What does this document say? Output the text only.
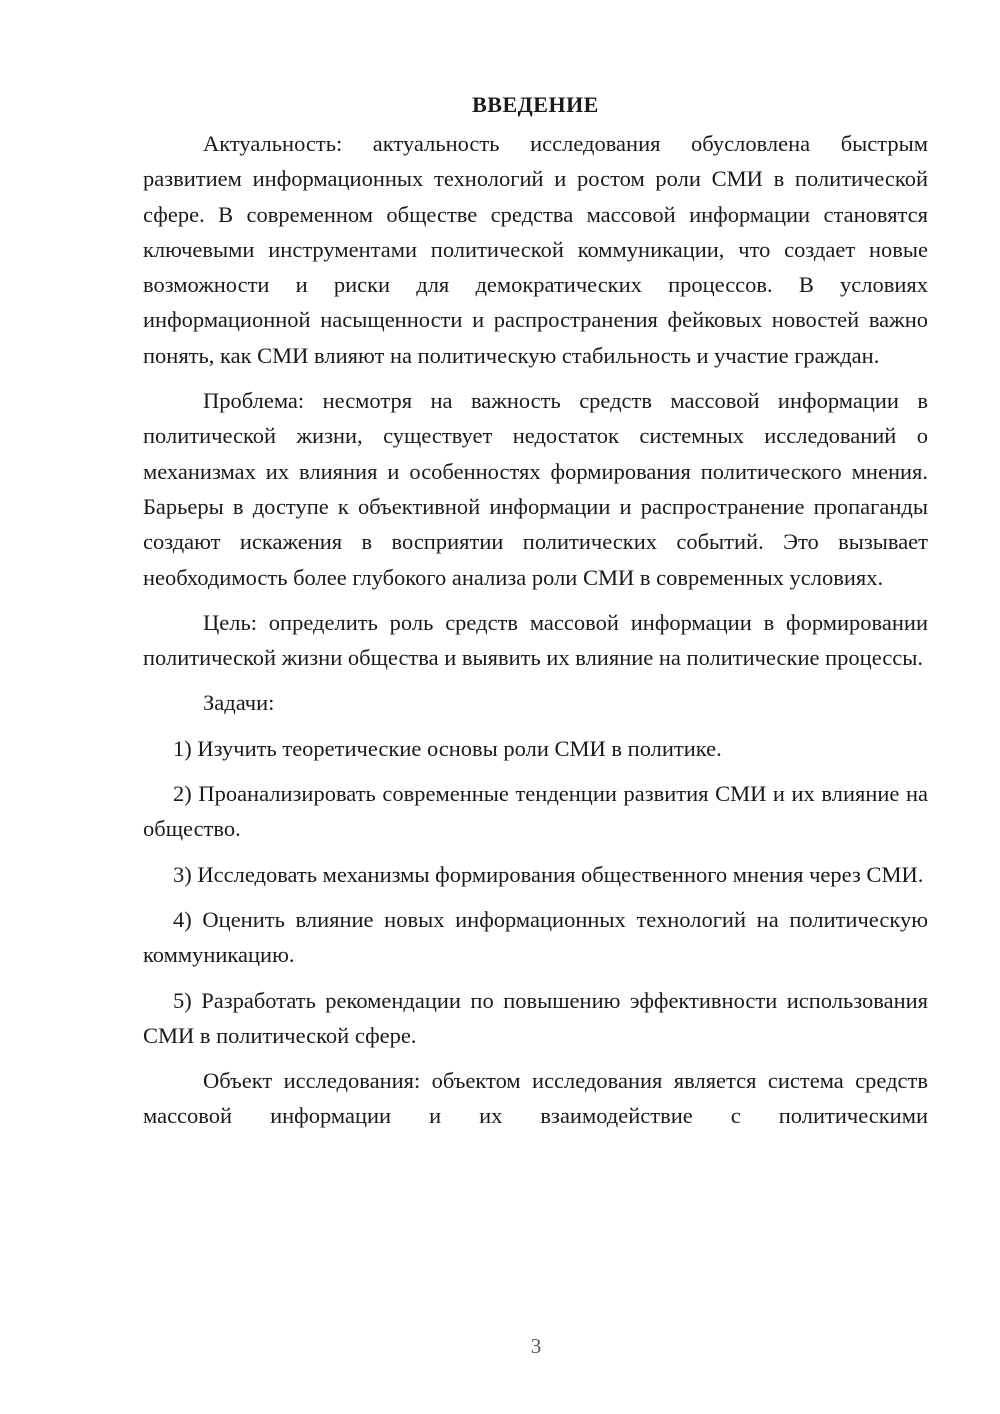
ВВЕДЕНИЕ

Актуальность: актуальность исследования обусловлена быстрым развитием информационных технологий и ростом роли СМИ в политической сфере. В современном обществе средства массовой информации становятся ключевыми инструментами политической коммуникации, что создает новые возможности и риски для демократических процессов. В условиях информационной насыщенности и распространения фейковых новостей важно понять, как СМИ влияют на политическую стабильность и участие граждан.

Проблема: несмотря на важность средств массовой информации в политической жизни, существует недостаток системных исследований о механизмах их влияния и особенностях формирования политического мнения. Барьеры в доступе к объективной информации и распространение пропаганды создают искажения в восприятии политических событий. Это вызывает необходимость более глубокого анализа роли СМИ в современных условиях.

Цель: определить роль средств массовой информации в формировании политической жизни общества и выявить их влияние на политические процессы.

Задачи:

1) Изучить теоретические основы роли СМИ в политике.

2) Проанализировать современные тенденции развития СМИ и их влияние на общество.

3) Исследовать механизмы формирования общественного мнения через СМИ.

4) Оценить влияние новых информационных технологий на политическую коммуникацию.

5) Разработать рекомендации по повышению эффективности использования СМИ в политической сфере.

Объект исследования: объектом исследования является система средств массовой информации и их взаимодействие с политическими

3
